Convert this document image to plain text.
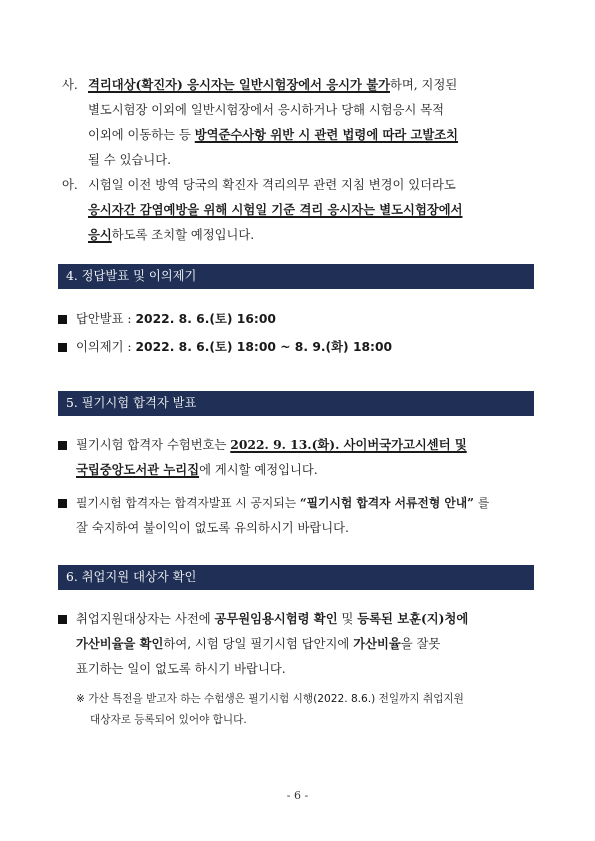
사. 격리대상(확진자) 응시자는 일반시험장에서 응시가 불가하며, 지정된
별도시험장 이외에 일반시험장에서 응시하거나 당해 시험응시 목적
이외에 이동하는 등 방역준수사항 위반 시 관련 법령에 따라 고발조치
될 수 있습니다.
아. 시험일 이전 방역 당국의 확진자 격리의무 관련 지침 변경이 있더라도
응시자간 감염예방을 위해 시험일 기준 격리 응시자는 별도시험장에서
응시하도록 조치할 예정입니다.
4. 정답발표 및 이의제기
답안발표 : 2022. 8. 6.(토) 16:00
이의제기 : 2022. 8. 6.(토) 18:00 ~ 8. 9.(화) 18:00
5. 필기시험 합격자 발표
필기시험 합격자 수험번호는 2022. 9. 13.(화). 사이버국가고시센터 및
국립중앙도서관 누리집에 게시할 예정입니다.
필기시험 합격자는 합격자발표 시 공지되는 “필기시험 합격자 서류전형 안내” 를
잘 숙지하여 불이익이 없도록 유의하시기 바랍니다.
6. 취업지원 대상자 확인
취업지원대상자는 사전에 공무원임용시험령 확인 및 등록된 보훈(지)청에
가산비율을 확인하여, 시험 당일 필기시험 답안지에 가산비율을 잘못
표기하는 일이 없도록 하시기 바랍니다.
※ 가산 특전을 받고자 하는 수험생은 필기시험 시행(2022. 8.6.) 전일까지 취업지원
대상자로 등록되어 있어야 합니다.
- 6 -
